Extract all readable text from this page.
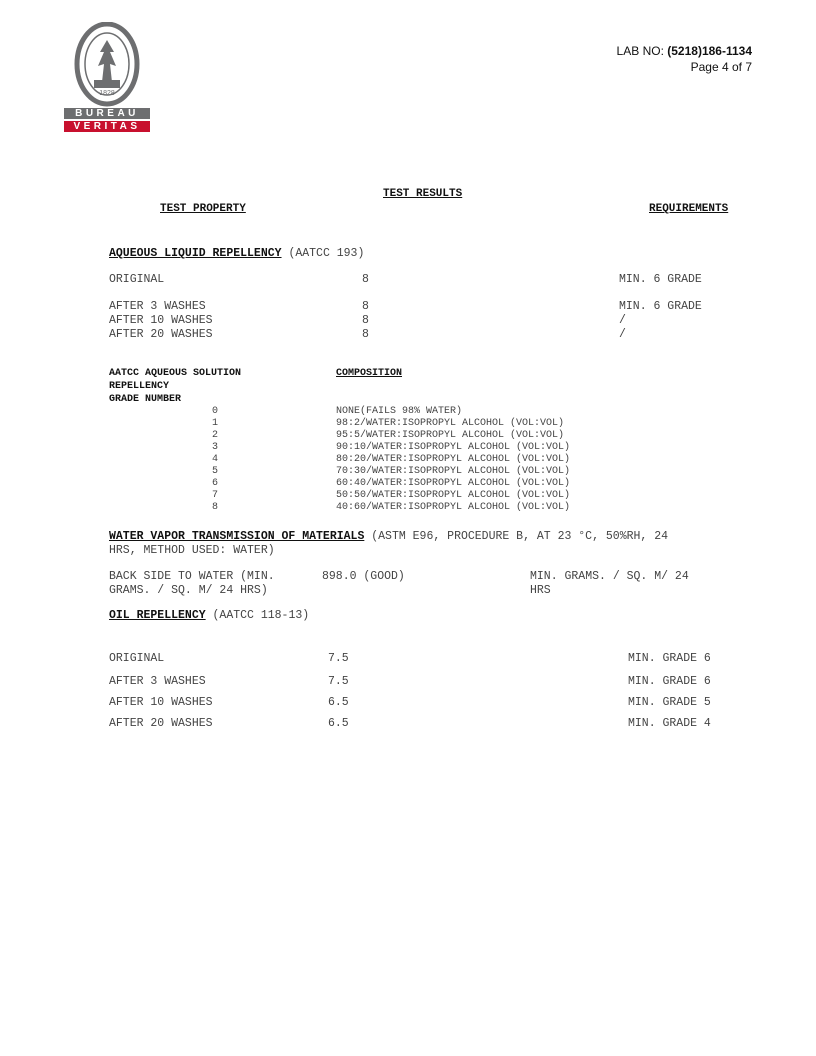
1828
BUREAU
VERITAS
LAB NO: (5218)186-1134
Page 4 of 7
TEST RESULTS
TEST PROPERTY	REQUIREMENTS
AQUEOUS LIQUID REPELLENCY (AATCC 193)
ORIGINAL	8	MIN. 6 GRADE
AFTER 3 WASHES	8	MIN. 6 GRADE
AFTER 10 WASHES	8	/
AFTER 20 WASHES	8	/
AATCC AQUEOUS SOLUTION
REPELLENCY
GRADE NUMBER
COMPOSITION
0	NONE(FAILS 98% WATER)
1	98:2/WATER:ISOPROPYL ALCOHOL (VOL:VOL)
2	95:5/WATER:ISOPROPYL ALCOHOL (VOL:VOL)
3	90:10/WATER:ISOPROPYL ALCOHOL (VOL:VOL)
4	80:20/WATER:ISOPROPYL ALCOHOL (VOL:VOL)
5	70:30/WATER:ISOPROPYL ALCOHOL (VOL:VOL)
6	60:40/WATER:ISOPROPYL ALCOHOL (VOL:VOL)
7	50:50/WATER:ISOPROPYL ALCOHOL (VOL:VOL)
8	40:60/WATER:ISOPROPYL ALCOHOL (VOL:VOL)
WATER VAPOR TRANSMISSION OF MATERIALS (ASTM E96, PROCEDURE B, AT 23 °C, 50%RH, 24
HRS, METHOD USED: WATER)
BACK SIDE TO WATER (MIN.
GRAMS. / SQ. M/ 24 HRS)
898.0 (GOOD)	MIN. GRAMS. / SQ. M/ 24
HRS
OIL REPELLENCY (AATCC 118-13)
ORIGINAL	7.5	MIN. GRADE 6
AFTER 3 WASHES	7.5	MIN. GRADE 6
AFTER 10 WASHES	6.5	MIN. GRADE 5
AFTER 20 WASHES	6.5	MIN. GRADE 4
